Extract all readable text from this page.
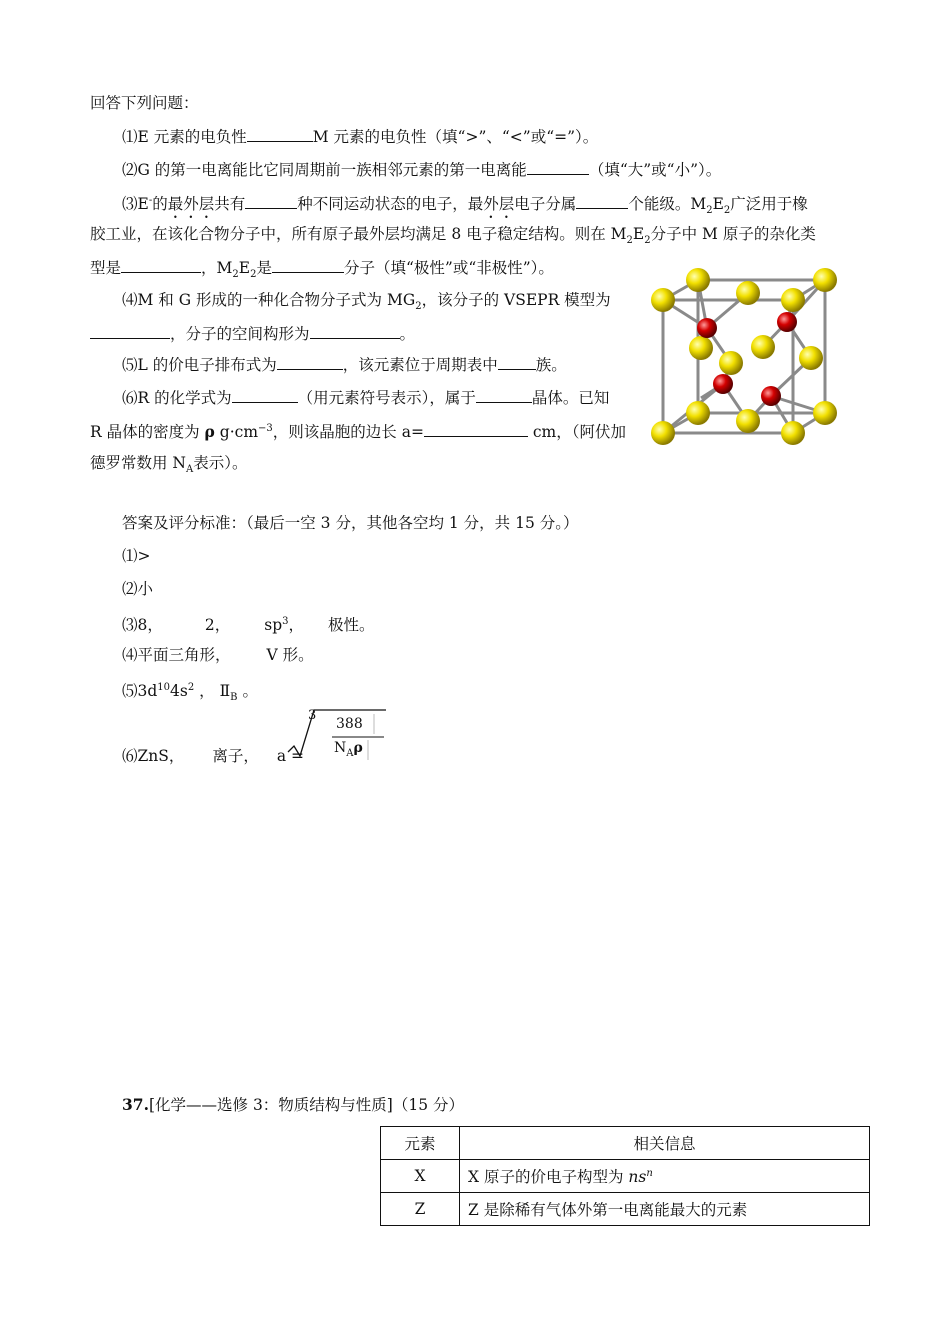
回答下列问题：
⑴E 元素的电负性	M 元素的电负性（填“>”、“<”或“=”）。
⑵G 的第一电离能比它同周期前一族相邻元素的第一电离能	（填“大”或“小”）。
⑶E-的最外层共有	种不同运动状态的电子，最外层电子分属	个能级。$M_2E_2$广泛用于橡
胶工业，在该化合物分子中，所有原子最外层均满足 8 电子稳定结构。则在 $M_2E_2$分子中 M 原子的杂化类
型是	，$M_2E_2$是	分子（填“极性”或“非极性”）。
⑷M 和 G 形成的一种化合物分子式为 $MG_2$，该分子的 VSEPR 模型为
，分子的空间构形为	。
⑸L 的价电子排布式为	，该元素位于周期表中 族。
⑹R 的化学式为	（用元素符号表示），属于	晶体。已知
R 晶体的密度为 ρ $g\cdot cm^{-3}$，则该晶胞的边长 a=	cm，（阿伏加
德罗常数用 $N_A$表示）。
答案及评分标准：（最后一空 3 分，其他各空均 1 分，共 15 分。）
⑴>
⑵小
⑶8，	2， $sp^3$， 极性。
⑷平面三角形， V 形。
$⑸3d^{10}4s^2$ ， $Ⅱ_B$ 。
⑹ZnS， 离子， a =
3
388
$N_A\rho$
37.[化学——选修 3：物质结构与性质]（15 分）
元素	相关信息
X	X 原子的价电子构型为 $ns^n$
Z	Z 是除稀有气体外第一电离能最大的元素
